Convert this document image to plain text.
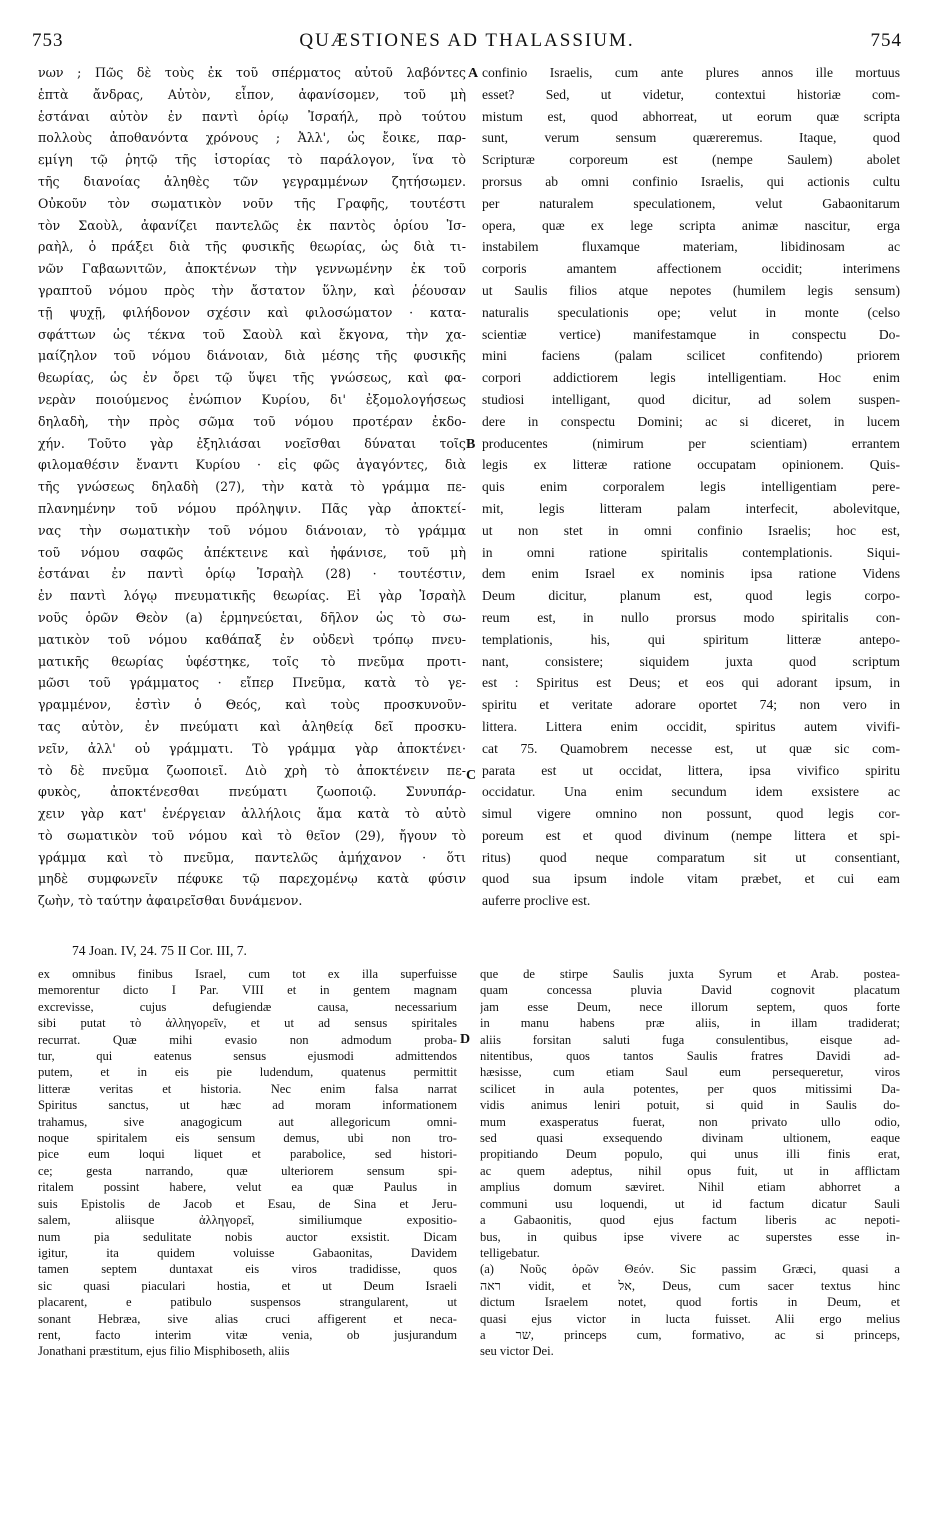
753	QUÆSTIONES AD THALASSIUM.	754
νων ; Πῶς δὲ τοὺς ἐκ τοῦ σπέρματος αὐτοῦ λαβόντες
ἑπτὰ ἄνδρας, Αὐτὸν, εἶπον, ἀφανίσομεν, τοῦ μὴ
ἑστάναι αὐτὸν ἐν παντὶ ὁρίῳ Ἰσραήλ, πρὸ τούτου
πολλοὺς ἀποθανόντα χρόνους ; Ἀλλ', ὡς ἔοικε, παρ-
εμίγη τῷ ῥητῷ τῆς ἱστορίας τὸ παράλογον, ἵνα τὸ
τῆς διανοίας ἀληθὲς τῶν γεγραμμένων ζητήσωμεν.
Οὐκοῦν τὸν σωματικὸν νοῦν τῆς Γραφῆς, τουτέστι
τὸν Σαοὺλ, ἀφανίζει παντελῶς ἐκ παντὸς ὁρίου Ἰσ-
ραὴλ, ὁ πράξει διὰ τῆς φυσικῆς θεωρίας, ὡς διὰ τι-
νῶν Γαβαωνιτῶν, ἀποκτένων τὴν γεννωμένην ἐκ τοῦ
γραπτοῦ νόμου πρὸς τὴν ἄστατον ὕλην, καὶ ῥέουσαν
τῇ ψυχῇ, φιλήδονον σχέσιν καὶ φιλοσώματον · κατα-
σφάττων ὡς τέκνα τοῦ Σαοὺλ καὶ ἔκγονα, τὴν χα-
μαίζηλον τοῦ νόμου διάνοιαν, διὰ μέσης τῆς φυσικῆς
θεωρίας, ὡς ἐν ὄρει τῷ ὕψει τῆς γνώσεως, καὶ φα-
νερὰν ποιούμενος ἐνώπιον Κυρίου, δι' ἐξομολογήσεως
δηλαδὴ, τὴν πρὸς σῶμα τοῦ νόμου προτέραν ἐκδο-
χήν. Τοῦτο γὰρ ἐξηλιάσαι νοεῖσθαι δύναται τοῖς
φιλομαθέσιν ἔναντι Κυρίου · εἰς φῶς ἀγαγόντες, διὰ
τῆς γνώσεως δηλαδὴ (27), τὴν κατὰ τὸ γράμμα πε-
πλανημένην τοῦ νόμου πρόληψιν. Πᾶς γὰρ ἀποκτεί-
νας τὴν σωματικὴν τοῦ νόμου διάνοιαν, τὸ γράμμα
τοῦ νόμου σαφῶς ἀπέκτεινε καὶ ἠφάνισε, τοῦ μὴ
ἑστάναι ἐν παντὶ ὁρίῳ Ἰσραὴλ (28) · τουτέστιν,
ἐν παντὶ λόγῳ πνευματικῆς θεωρίας. Εἰ γὰρ Ἰσραὴλ
νοῦς ὁρῶν Θεὸν (a) ἑρμηνεύεται, δῆλον ὡς τὸ σω-
ματικὸν τοῦ νόμου καθάπαξ ἐν οὐδενὶ τρόπῳ πνευ-
ματικῆς θεωρίας ὑφέστηκε, τοῖς τὸ πνεῦμα προτι-
μῶσι τοῦ γράμματος · εἴπερ Πνεῦμα, κατὰ τὸ γε-
γραμμένον, ἐστὶν ὁ Θεός, καὶ τοὺς προσκυνοῦν-
τας αὐτὸν, ἐν πνεύματι καὶ ἀληθείᾳ δεῖ προσκυ-
νεῖν, ἀλλ' οὐ γράμματι. Τὸ γράμμα γὰρ ἀποκτένει·
τὸ δὲ πνεῦμα ζωοποιεῖ. Διὸ χρὴ τὸ ἀποκτένειν πε-
φυκὸς, ἀποκτένεσθαι πνεύματι ζωοποιῷ. Συνυπάρ-
χειν γὰρ κατ' ἐνέργειαν ἀλλήλοις ἅμα κατὰ τὸ αὐτὸ
τὸ σωματικὸν τοῦ νόμου καὶ τὸ θεῖον (29), ἤγουν τὸ
γράμμα καὶ τὸ πνεῦμα, παντελῶς ἀμήχανον · ὅτι
μηδὲ συμφωνεῖν πέφυκε τῷ παρεχομένῳ κατὰ φύσιν
ζωὴν, τὸ ταύτην ἀφαιρεῖσθαι δυνάμενον.
confinio Israelis, cum ante plures annos ille mortuus
esset? Sed, ut videtur, contextui historiæ com-
mistum est, quod abhorreat, ut eorum quæ scripta
sunt, verum sensum quæreremus. Itaque, quod
Scripturæ corporeum est (nempe Saulem) abolet
prorsus ab omni confinio Israelis, qui actionis cultu
per naturalem speculationem, velut Gabaonitarum
opera, quæ ex lege scripta animæ nascitur, erga
instabilem fluxamque materiam, libidinosam ac
corporis amantem affectionem occidit; interimens
ut Saulis filios atque nepotes (humilem legis sensum)
naturalis speculationis ope; velut in monte (celso
scientiæ vertice) manifestamque in conspectu Do-
mini faciens (palam scilicet confitendo) priorem
corpori addictiorem legis intelligentiam. Hoc enim
studiosi intelligant, quod dicitur, ad solem suspen-
dere in conspectu Domini; ac si diceret, in lucem
producentes (nimirum per scientiam) errantem
legis ex litteræ ratione occupatam opinionem. Quis-
quis enim corporalem legis intelligentiam pere-
mit, legis litteram palam interfecit, abolevitque,
ut non stet in omni confinio Israelis; hoc est,
in omni ratione spiritalis contemplationis. Siqui-
dem enim Israel ex nominis ipsa ratione Videns
Deum dicitur, planum est, quod legis corpo-
reum est, in nullo prorsus modo spiritalis con-
templationis, his, qui spiritum litteræ antepo-
nant, consistere; siquidem juxta quod scriptum
est : Spiritus est Deus; et eos qui adorant ipsum, in
spiritu et veritate adorare oportet 74; non vero in
littera. Littera enim occidit, spiritus autem vivifi-
cat 75. Quamobrem necesse est, ut quæ sic com-
parata est ut occidat, littera, ipsa vivifico spiritu
occidatur. Una enim secundum idem exsistere ac
simul vigere omnino non possunt, quod legis cor-
poreum est et quod divinum (nempe littera et spi-
ritus) quod neque comparatum sit ut consentiant,
quod sua ipsum indole vitam præbet, et cui eam
auferre proclive est.
A
B
C
D
74 Joan. IV, 24. 75 II Cor. III, 7.
ex omnibus finibus Israel, cum tot ex illa superfuisse
memorentur dicto I Par. VIII et in gentem magnam
excrevisse, cujus defugiendæ causa, necessarium
sibi putat τὸ ἀλληγορεῖν, et ut ad sensus spiritales
recurrat. Quæ mihi evasio non admodum proba-
tur, qui eatenus sensus ejusmodi admittendos
putem, et in eis pie ludendum, quatenus permittit
litteræ veritas et historia. Nec enim falsa narrat
Spiritus sanctus, ut hæc ad moram informationem
trahamus, sive anagogicum aut allegoricum omni-
noque spiritalem eis sensum demus, ubi non tro-
pice eum loqui liquet et parabolice, sed histori-
ce; gesta narrando, quæ ulteriorem sensum spi-
ritalem possint habere, velut ea quæ Paulus in
suis Epistolis de Jacob et Esau, de Sina et Jeru-
salem, aliisque ἀλληγορεῖ, similiumque expositio-
num pia sedulitate nobis auctor exsistit. Dicam
igitur, ita quidem voluisse Gabaonitas, Davidem
tamen septem duntaxat eis viros tradidisse, quos
sic quasi piaculari hostia, et ut Deum Israeli
placarent, e patibulo suspensos strangularent, ut
sonant Hebræa, sive alias cruci affigerent et neca-
rent, facto interim vitæ venia, ob jusjurandum
Jonathani præstitum, ejus filio Misphiboseth, aliis
que de stirpe Saulis juxta Syrum et Arab. postea-
quam concessa pluvia David cognovit placatum
jam esse Deum, nece illorum septem, quos forte
in manu habens præ aliis, in illam tradiderat;
aliis forsitan saluti fuga consulentibus, eisque ad-
nitentibus, quos tantos Saulis fratres Davidi ad-
hæsisse, cum etiam Saul eum persequeretur, viros
scilicet in aula potentes, per quos mitissimi Da-
vidis animus leniri potuit, si quid in Saulis do-
mum exasperatus fuerat, non privato ullo odio,
sed quasi exsequendo divinam ultionem, eaque
propitiando Deum populo, qui unus illi finis erat,
ac quem adeptus, nihil opus fuit, ut in afflictam
amplius domum sæviret. Nihil etiam abhorret a
communi usu loquendi, ut id factum dicatur Sauli
a Gabaonitis, quod ejus factum liberis ac nepoti-
bus, in quibus ipse vivere ac superstes esse in-
telligebatur.
(a) Νοῦς ὁρῶν Θεόν. Sic passim Græci, quasi a
ראה vidit, et אל, Deus, cum sacer textus hinc
dictum Israelem notet, quod fortis in Deum, et
quasi ejus victor in lucta fuisset. Alii ergo melius
a שר, princeps cum, formativo, ac si princeps,
seu victor Dei.
